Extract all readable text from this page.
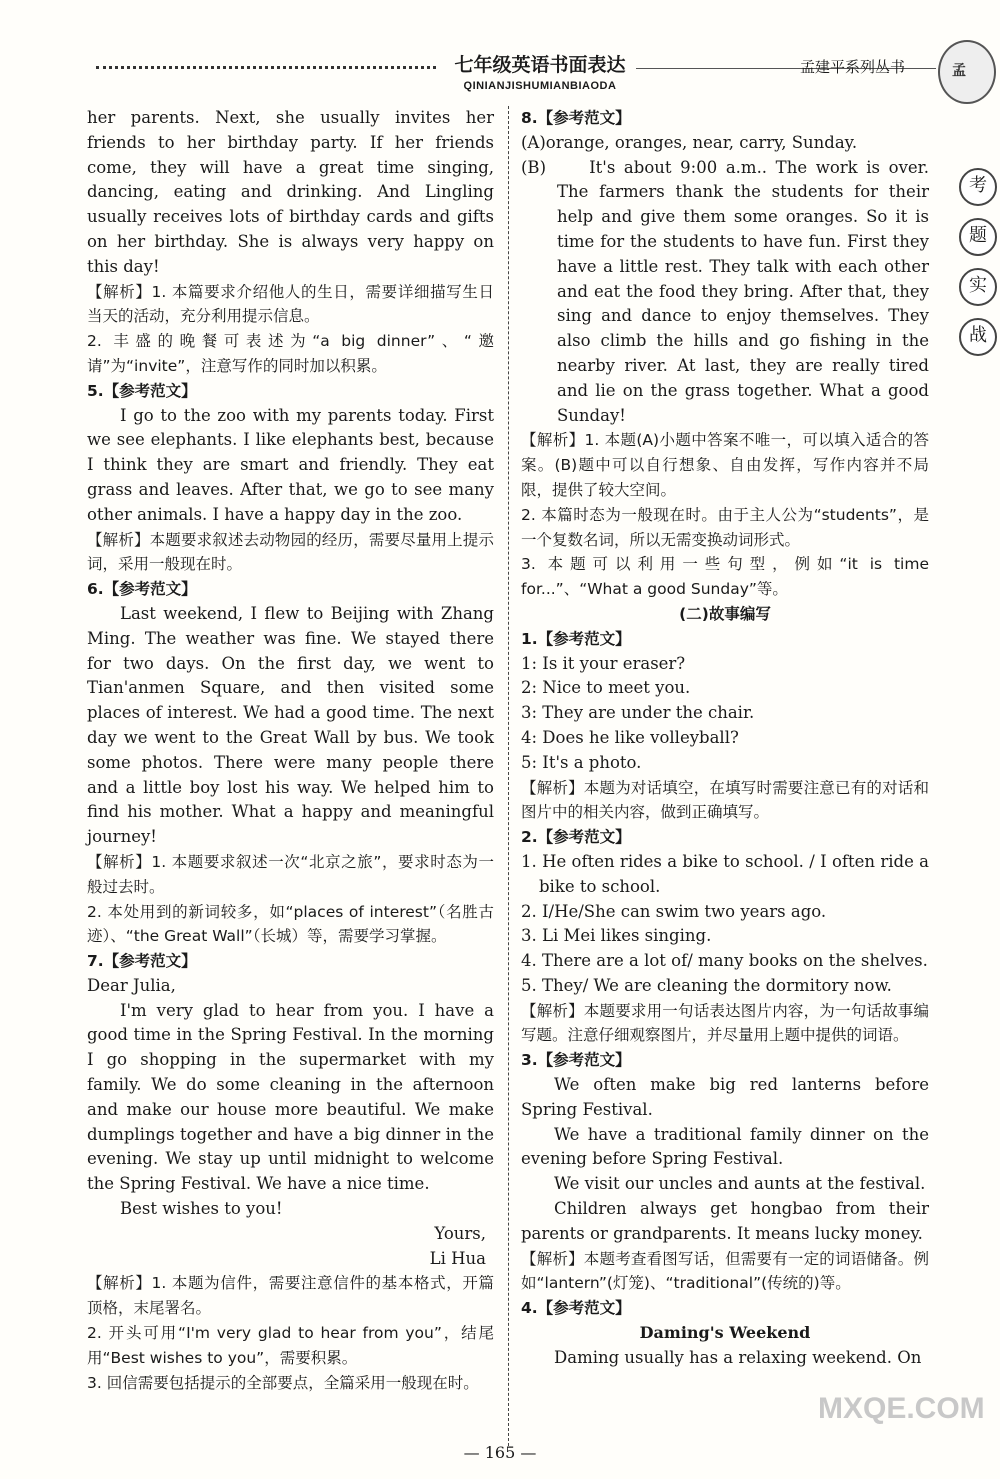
七年级英语书面表达
QINIANJISHUMIANBIAODA
孟建平系列丛书	孟
考
题
实
战

her parents. Next, she usually invites her friends to her birthday party. If her friends come, they will have a great time singing, dancing, eating and drinking. And Lingling usually receives lots of birthday cards and gifts on her birthday. She is always very happy on this day!

【解析】1. 本篇要求介绍他人的生日，需要详细描写生日当天的活动，充分利用提示信息。

2. 丰盛的晚餐可表述为“a big dinner”、“邀请”为“invite”，注意写作的同时加以积累。

5.【参考范文】

I go to the zoo with my parents today. First we see elephants. I like elephants best, because I think they are smart and friendly. They eat grass and leaves. After that, we go to see many other animals. I have a happy day in the zoo.

【解析】本题要求叙述去动物园的经历，需要尽量用上提示词，采用一般现在时。

6.【参考范文】

Last weekend, I flew to Beijing with Zhang Ming. The weather was fine. We stayed there for two days. On the first day, we went to Tian'anmen Square, and then visited some places of interest. We had a good time. The next day we went to the Great Wall by bus. We took some photos. There were many people there and a little boy lost his way. We helped him to find his mother. What a happy and meaningful journey!

【解析】1. 本题要求叙述一次“北京之旅”，要求时态为一般过去时。

2. 本处用到的新词较多，如“places of interest”（名胜古迹）、“the Great Wall”（长城）等，需要学习掌握。

7.【参考范文】

Dear Julia,

I'm very glad to hear from you. I have a good time in the Spring Festival. In the morning I go shopping in the supermarket with my family. We do some cleaning in the afternoon and make our house more beautiful. We make dumplings together and have a big dinner in the evening. We stay up until midnight to welcome the Spring Festival. We have a nice time.

Best wishes to you!

Yours,

Li Hua

【解析】1. 本题为信件，需要注意信件的基本格式，开篇顶格，末尾署名。

2. 开头可用“I'm very glad to hear from you”，结尾用“Best wishes to you”，需要积累。

3. 回信需要包括提示的全部要点，全篇采用一般现在时。

8.【参考范文】

(A)orange, oranges, near, carry, Sunday.

(B)　　It's about 9:00 a.m.. The work is over. The farmers thank the students for their help and give them some oranges. So it is time for the students to have fun. First they have a little rest. They talk with each other and eat the food they bring. After that, they sing and dance to enjoy themselves. They also climb the hills and go fishing in the nearby river. At last, they are really tired and lie on the grass together. What a good Sunday!

【解析】1. 本题(A)小题中答案不唯一，可以填入适合的答案。(B)题中可以自行想象、自由发挥，写作内容并不局限，提供了较大空间。

2. 本篇时态为一般现在时。由于主人公为“students”，是一个复数名词，所以无需变换动词形式。

3. 本题可以利用一些句型，例如“it is time for...”、“What a good Sunday”等。

(二)故事编写

1.【参考范文】

1: Is it your eraser?

2: Nice to meet you.

3: They are under the chair.

4: Does he like volleyball?

5: It's a photo.

【解析】本题为对话填空，在填写时需要注意已有的对话和图片中的相关内容，做到正确填写。

2.【参考范文】

1. He often rides a bike to school. / I often ride a bike to school.

2. I/He/She can swim two years ago.

3. Li Mei likes singing.

4. There are a lot of/ many books on the shelves.

5. They/ We are cleaning the dormitory now.

【解析】本题要求用一句话表达图片内容，为一句话故事编写题。注意仔细观察图片，并尽量用上题中提供的词语。

3.【参考范文】

We often make big red lanterns before Spring Festival.

We have a traditional family dinner on the evening before Spring Festival.

We visit our uncles and aunts at the festival.

Children always get hongbao from their parents or grandparents. It means lucky money.

【解析】本题考查看图写话，但需要有一定的词语储备。例如“lantern”(灯笼)、“traditional”(传统的)等。

4.【参考范文】

Daming's Weekend

Daming usually has a relaxing weekend. On

— 165 —
MXQE.COM
